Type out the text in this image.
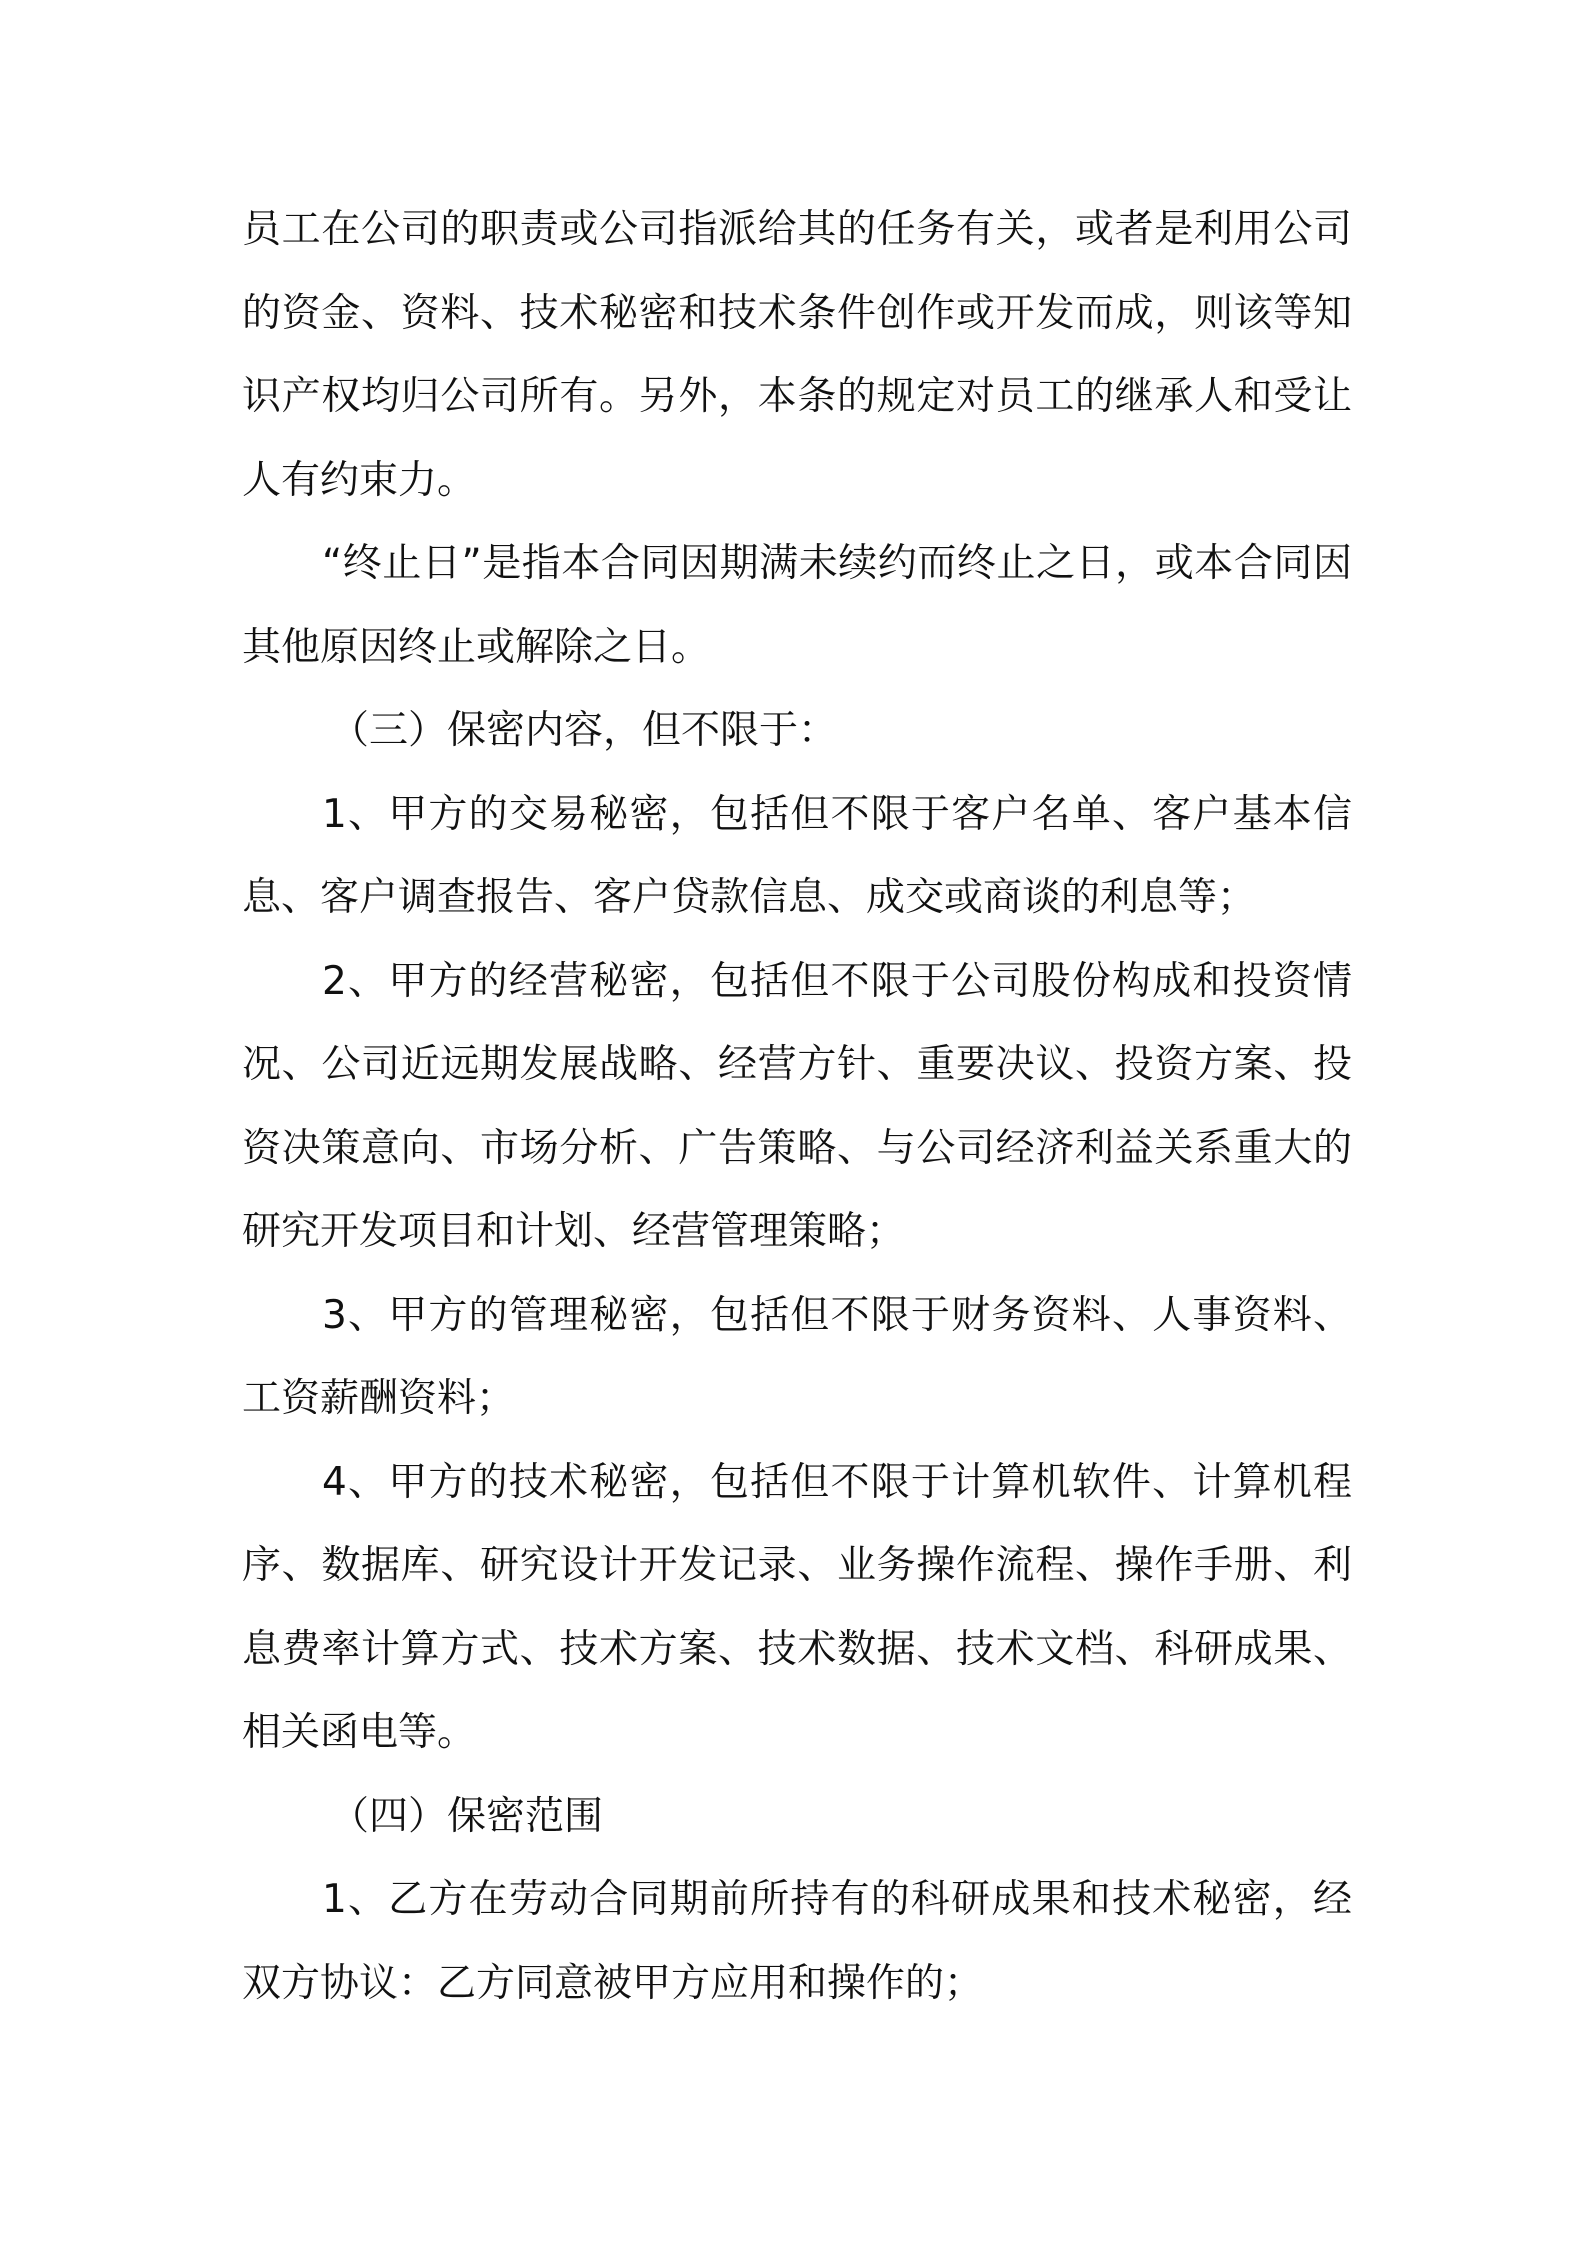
员工在公司的职责或公司指派给其的任务有关，或者是利用公司的资金、资料、技术秘密和技术条件创作或开发而成，则该等知识产权均归公司所有。另外，本条的规定对员工的继承人和受让人有约束力。

“终止日”是指本合同因期满未续约而终止之日，或本合同因其他原因终止或解除之日。

（三）保密内容，但不限于：

1、甲方的交易秘密，包括但不限于客户名单、客户基本信息、客户调查报告、客户贷款信息、成交或商谈的利息等；

2、甲方的经营秘密，包括但不限于公司股份构成和投资情况、公司近远期发展战略、经营方针、重要决议、投资方案、投资决策意向、市场分析、广告策略、与公司经济利益关系重大的研究开发项目和计划、经营管理策略；

3、甲方的管理秘密，包括但不限于财务资料、人事资料、工资薪酬资料；

4、甲方的技术秘密，包括但不限于计算机软件、计算机程序、数据库、研究设计开发记录、业务操作流程、操作手册、利息费率计算方式、技术方案、技术数据、技术文档、科研成果、相关函电等。

（四）保密范围

1、乙方在劳动合同期前所持有的科研成果和技术秘密，经双方协议：乙方同意被甲方应用和操作的；
